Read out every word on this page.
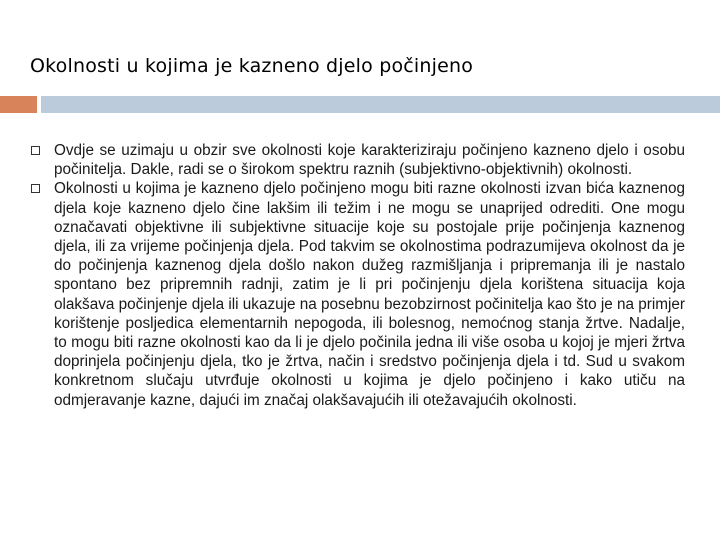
Okolnosti u kojima je kazneno djelo počinjeno
Ovdje se uzimaju u obzir sve okolnosti koje karakteriziraju počinjeno kazneno djelo i osobu počinitelja. Dakle, radi se o širokom spektru raznih (subjektivno-objektivnih) okolnosti.
Okolnosti u kojima je kazneno djelo počinjeno mogu biti razne okolnosti izvan bića kaznenog djela koje kazneno djelo čine lakšim ili težim i ne mogu se unaprijed odrediti. One mogu označavati objektivne ili subjektivne situacije koje su postojale prije počinjenja kaznenog djela, ili za vrijeme počinjenja djela. Pod takvim se okolnostima podrazumijeva okolnost da je do počinjenja kaznenog djela došlo nakon dužeg razmišljanja i pripremanja ili je nastalo spontano bez pripremnih radnji, zatim je li pri počinjenju djela korištena situacija koja olakšava počinjenje djela ili ukazuje na posebnu bezobzirnost počinitelja kao što je na primjer korištenje posljedica elementarnih nepogoda, ili bolesnog, nemoćnog stanja žrtve. Nadalje, to mogu biti razne okolnosti kao da li je djelo počinila jedna ili više osoba u kojoj je mjeri žrtva doprinjela počinjenju djela, tko je žrtva, način i sredstvo počinjenja djela i td. Sud u svakom konkretnom slučaju utvrđuje okolnosti u kojima je djelo počinjeno i kako utiču na odmjeravanje kazne, dajući im značaj olakšavajućih ili otežavajućih okolnosti.
